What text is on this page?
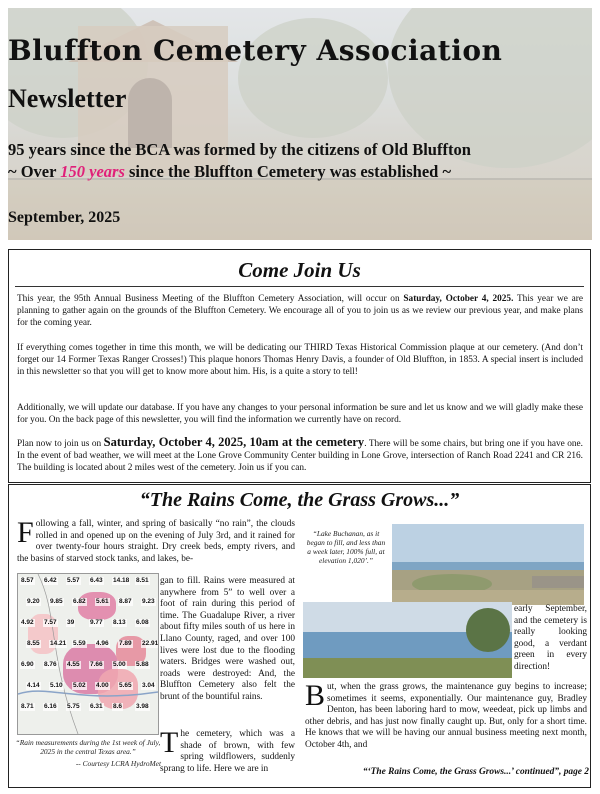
Bluffton Cemetery Association
Newsletter
95 years since the BCA was formed by the citizens of Old Bluffton
~ Over 150 years since the Bluffton Cemetery was established ~
September, 2025
Come Join Us
This year, the 95th Annual Business Meeting of the Bluffton Cemetery Association, will occur on Saturday, October 4, 2025. This year we are planning to gather again on the grounds of the Bluffton Cemetery. We encourage all of you to join us as we review our previous year, and make plans for the coming year.
If everything comes together in time this month, we will be dedicating our THIRD Texas Historical Commission plaque at our cemetery. (And don’t forget our 14 Former Texas Ranger Crosses!) This plaque honors Thomas Henry Davis, a founder of Old Bluffton, in 1853. A special insert is included in this newsletter so that you will get to know more about him. His, is a quite a story to tell!
Additionally, we will update our database. If you have any changes to your personal information be sure and let us know and we will gladly make these for you. On the back page of this newsletter, you will find the information we currently have on record.
Plan now to join us on Saturday, October 4, 2025, 10am at the cemetery. There will be some chairs, but bring one if you have one. In the event of bad weather, we will meet at the Lone Grove Community Center building in Lone Grove, intersection of Ranch Road 2241 and CR 216. The building is located about 2 miles west of the cemetery. Join us if you can.
“The Rains Come, the Grass Grows...”
Following a fall, winter, and spring of basically “no rain”, the clouds rolled in and opened up on the evening of July 3rd, and it rained for over twenty-four hours straight. Dry creek beds, empty rivers, and the basins of starved stock tanks, and lakes, be-
8.57 6.42 5.57 6.43 14.18 8.51
9.20 9.85 6.82 5.61 8.87 9.23
4.92 7.57 39 9.77 8.13 6.08
8.55 14.21 5.59 4.96 7.89 22.91
6.90 8.76 4.55 7.66 5.00 5.88
4.14 5.10 5.02 4.00 5.65 3.04
8.71 6.16 5.75 6.31 8.6 3.98
“Rain measurements during the 1st week of July, 2025 in the central Texas area.”
-- Courtesy LCRA HydroMet
gan to fill. Rains were measured at anywhere from 5” to well over a foot of rain during this period of time. The Guadalupe River, a river about fifty miles south of us here in Llano County, raged, and over 100 lives were lost due to the flooding waters. Bridges were washed out, roads were destroyed: And, the Bluffton Cemetery also felt the brunt of the bountiful rains.
The cemetery, which was a shade of brown, with few spring wildflowers, suddenly sprang to life. Here we are in
“Lake Buchanan, as it began to fill, and less than a week later, 100% full, at elevation 1,020’.”
early September, and the cemetery is really looking good, a verdant green in every direction!
But, when the grass grows, the maintenance guy begins to increase; sometimes it seems, exponentially. Our maintenance guy, Bradley Denton, has been laboring hard to mow, weedeat, pick up limbs and other debris, and has just now finally caught up. But, only for a short time. He knows that we will be having our annual business meeting next month, October 4th, and
“‘The Rains Come, the Grass Grows...’ continued”, page 2
